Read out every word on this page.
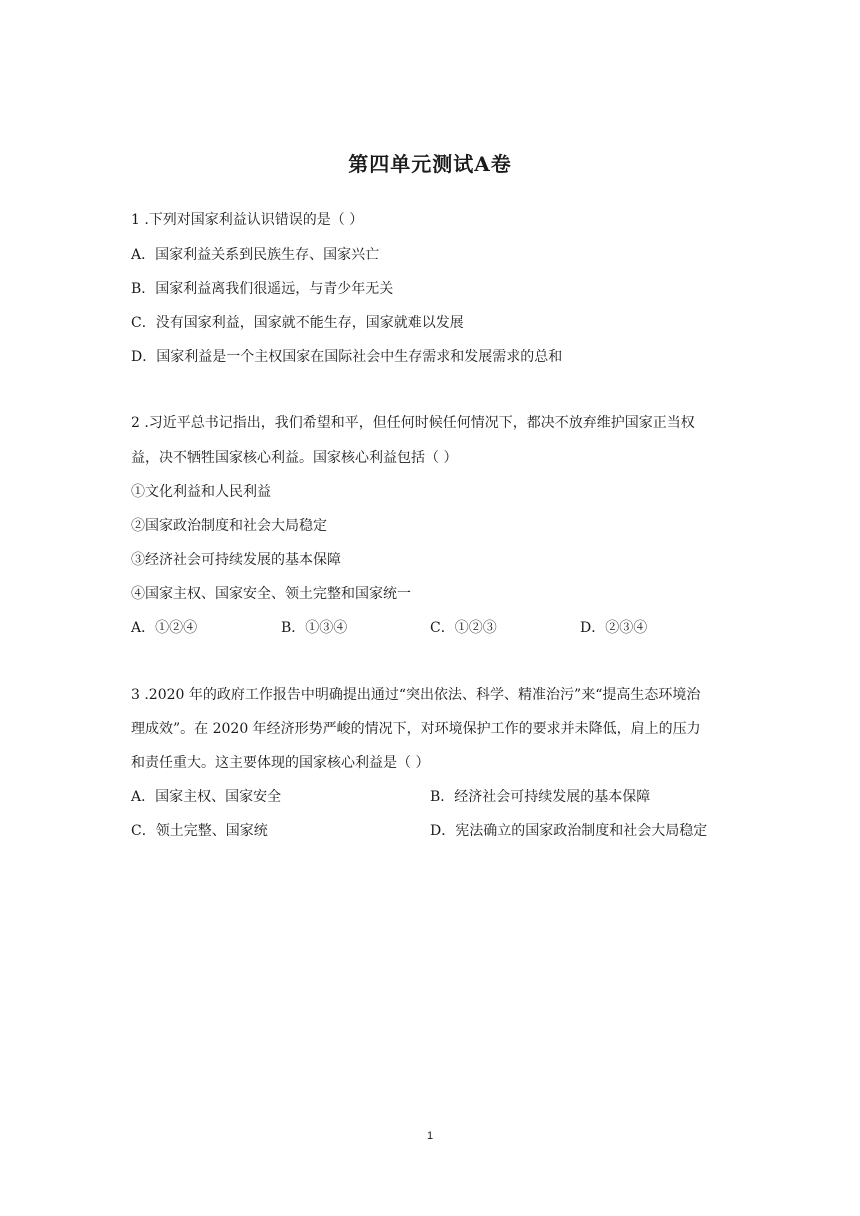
第四单元测试A卷
1 .下列对国家利益认识错误的是（ ）
A．国家利益关系到民族生存、国家兴亡
B．国家利益离我们很遥远，与青少年无关
C．没有国家利益，国家就不能生存，国家就难以发展
D．国家利益是一个主权国家在国际社会中生存需求和发展需求的总和
2 .习近平总书记指出，我们希望和平，但任何时候任何情况下，都决不放弃维护国家正当权
益，决不牺牲国家核心利益。国家核心利益包括（ ）
①文化利益和人民利益
②国家政治制度和社会大局稳定
③经济社会可持续发展的基本保障
④国家主权、国家安全、领土完整和国家统一
A．①②④	B．①③④	C．①②③	D．②③④
3 .2020 年的政府工作报告中明确提出通过“突出依法、科学、精准治污”来“提高生态环境治
理成效”。在 2020 年经济形势严峻的情况下，对环境保护工作的要求并未降低，肩上的压力
和责任重大。这主要体现的国家核心利益是（ ）
A．国家主权、国家安全	B．经济社会可持续发展的基本保障
C．领土完整、国家统	D．宪法确立的国家政治制度和社会大局稳定
1
